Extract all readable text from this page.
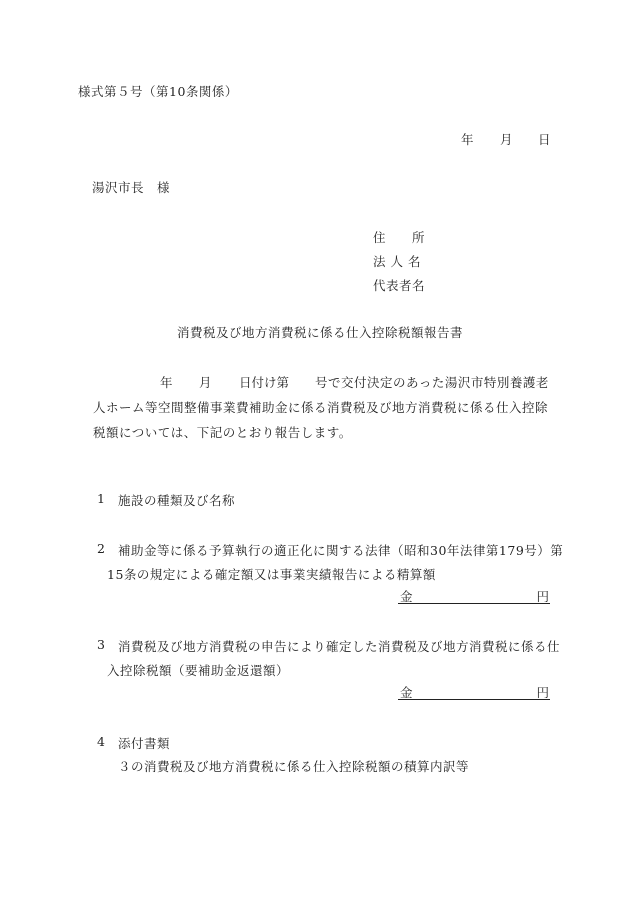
様式第５号（第10条関係）
年 月 日
湯沢市長　様
住　　所
法 人 名
代表者名
消費税及び地方消費税に係る仕入控除税額報告書
年 月 日付け第 号で交付決定のあった湯沢市特別養護老
人ホーム等空間整備事業費補助金に係る消費税及び地方消費税に係る仕入控除
税額については、下記のとおり報告します。
1 施設の種類及び名称
2 補助金等に係る予算執行の適正化に関する法律（昭和30年法律第179号）第
15条の規定による確定額又は事業実績報告による精算額
金	円
3 消費税及び地方消費税の申告により確定した消費税及び地方消費税に係る仕
入控除税額（要補助金返還額）
金	円
4 添付書類
３の消費税及び地方消費税に係る仕入控除税額の積算内訳等
